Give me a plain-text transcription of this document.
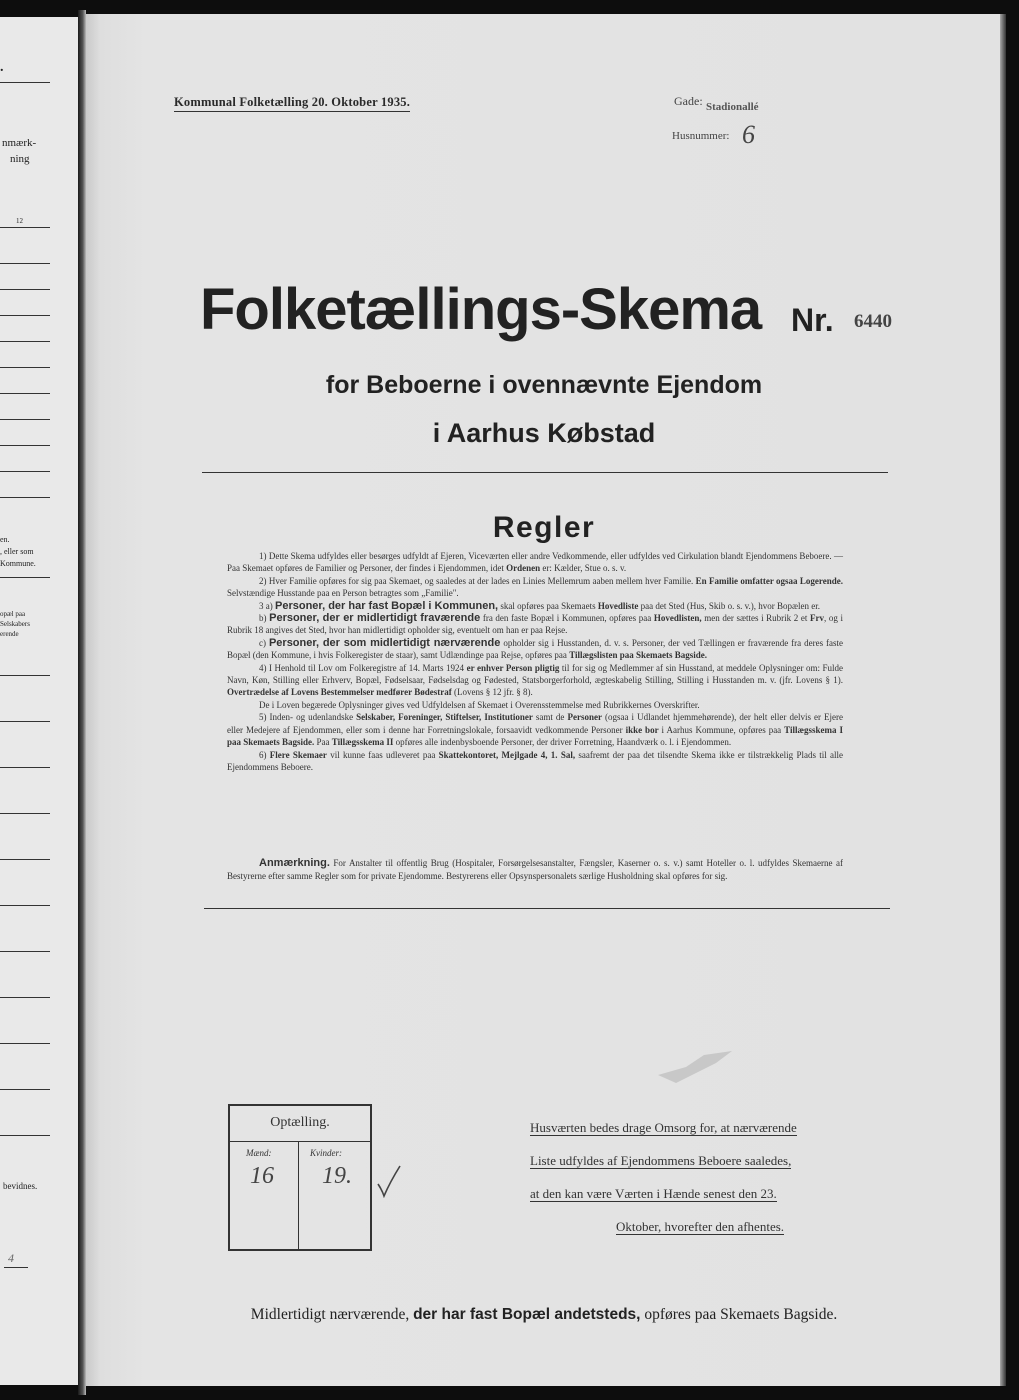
.
nmærk-
ning
12
en.
, eller som
Kommune.
opæl paa
Selskabers
erende
bevidnes.
4
Kommunal Folketælling 20. Oktober 1935.	Gade: Stadionallé
Husnummer: 6
Folketællings-Skema Nr. 6440
for Beboerne i ovennævnte Ejendom
i Aarhus Købstad
Regler

1) Dette Skema udfyldes eller besørges udfyldt af Ejeren, Viceværten eller andre Vedkommende, eller udfyldes ved Cirkulation blandt Ejendommens Beboere. — Paa Skemaet opføres de Familier og Personer, der findes i Ejendommen, idet Ordenen er: Kælder, Stue o. s. v.

2) Hver Familie opføres for sig paa Skemaet, og saaledes at der lades en Linies Mellemrum aaben mellem hver Familie. En Familie omfatter ogsaa Logerende. Selvstændige Husstande paa en Person betragtes som „Familie".

3 a) Personer, der har fast Bopæl i Kommunen, skal opføres paa Skemaets Hovedliste paa det Sted (Hus, Skib o. s. v.), hvor Bopælen er.

b) Personer, der er midlertidigt fraværende fra den faste Bopæl i Kommunen, opføres paa Hovedlisten, men der sættes i Rubrik 2 et Frv, og i Rubrik 18 angives det Sted, hvor han midlertidigt opholder sig, eventuelt om han er paa Rejse.

c) Personer, der som midlertidigt nærværende opholder sig i Husstanden, d. v. s. Personer, der ved Tællingen er fraværende fra deres faste Bopæl (den Kommune, i hvis Folkeregister de staar), samt Udlændinge paa Rejse, opføres paa Tillægslisten paa Skemaets Bagside.

4) I Henhold til Lov om Folkeregistre af 14. Marts 1924 er enhver Person pligtig til for sig og Medlemmer af sin Husstand, at meddele Oplysninger om: Fulde Navn, Køn, Stilling eller Erhverv, Bopæl, Fødselsaar, Fødselsdag og Fødested, Statsborgerforhold, ægteskabelig Stilling, Stilling i Husstanden m. v. (jfr. Lovens § 1). Overtrædelse af Lovens Bestemmelser medfører Bødestraf (Lovens § 12 jfr. § 8).

De i Loven begærede Oplysninger gives ved Udfyldelsen af Skemaet i Overensstemmelse med Rubrikkernes Overskrifter.

5) Inden- og udenlandske Selskaber, Foreninger, Stiftelser, Institutioner samt de Personer (ogsaa i Udlandet hjemmehørende), der helt eller delvis er Ejere eller Medejere af Ejendommen, eller som i denne har Forretningslokale, forsaavidt vedkommende Personer ikke bor i Aarhus Kommune, opføres paa Tillægsskema I paa Skemaets Bagside. Paa Tillægsskema II opføres alle indenbysboende Personer, der driver Forretning, Haandværk o. l. i Ejendommen.

6) Flere Skemaer vil kunne faas udleveret paa Skattekontoret, Mejlgade 4, 1. Sal, saafremt der paa det tilsendte Skema ikke er tilstrækkelig Plads til alle Ejendommens Beboere.

Anmærkning. For Anstalter til offentlig Brug (Hospitaler, Forsørgelsesanstalter, Fængsler, Kaserner o. s. v.) samt Hoteller o. l. udfyldes Skemaerne af Bestyrerne efter samme Regler som for private Ejendomme. Bestyrerens eller Opsynspersonalets særlige Husholdning skal opføres for sig.

Optælling.
Mænd:	Kvinder:
16 19.
Husværten bedes drage Omsorg for, at nærværende
Liste udfyldes af Ejendommens Beboere saaledes,
at den kan være Værten i Hænde senest den 23.
Oktober, hvorefter den afhentes.
Midlertidigt nærværende, der har fast Bopæl andetsteds, opføres paa Skemaets Bagside.
